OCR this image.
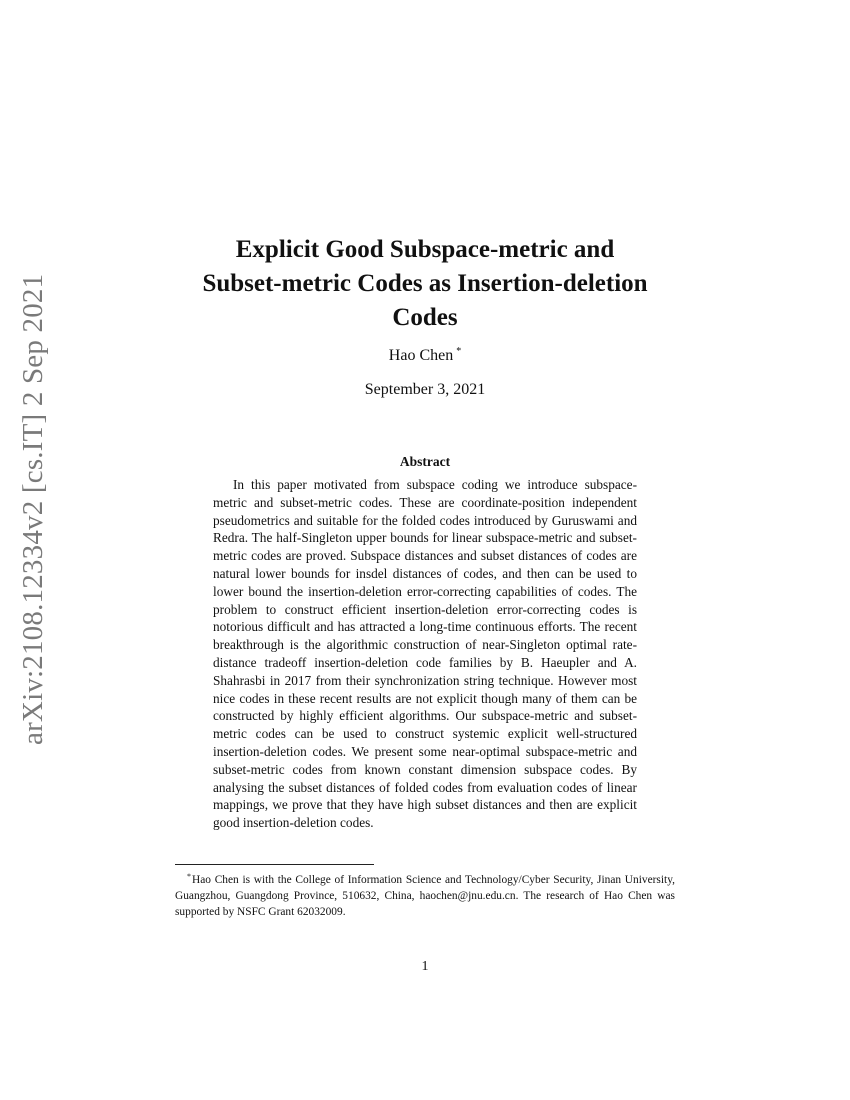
arXiv:2108.12334v2 [cs.IT] 2 Sep 2021
Explicit Good Subspace-metric and
Subset-metric Codes as Insertion-deletion
Codes
Hao Chen *
September 3, 2021
Abstract

In this paper motivated from subspace coding we introduce subspace-metric and subset-metric codes. These are coordinate-position independent pseudometrics and suitable for the folded codes introduced by Guruswami and Redra. The half-Singleton upper bounds for linear subspace-metric and subset-metric codes are proved. Subspace distances and subset distances of codes are natural lower bounds for insdel distances of codes, and then can be used to lower bound the insertion-deletion error-correcting capabilities of codes. The problem to construct efficient insertion-deletion error-correcting codes is notorious difficult and has attracted a long-time continuous efforts. The recent breakthrough is the algorithmic construction of near-Singleton optimal rate-distance tradeoff insertion-deletion code families by B. Haeupler and A. Shahrasbi in 2017 from their synchronization string technique. However most nice codes in these recent results are not explicit though many of them can be constructed by highly efficient algorithms. Our subspace-metric and subset-metric codes can be used to construct systemic explicit well-structured insertion-deletion codes. We present some near-optimal subspace-metric and subset-metric codes from known constant dimension subspace codes. By analysing the subset distances of folded codes from evaluation codes of linear mappings, we prove that they have high subset distances and then are explicit good insertion-deletion codes.

*Hao Chen is with the College of Information Science and Technology/Cyber Security, Jinan University, Guangzhou, Guangdong Province, 510632, China, haochen@jnu.edu.cn. The research of Hao Chen was supported by NSFC Grant 62032009.

1
